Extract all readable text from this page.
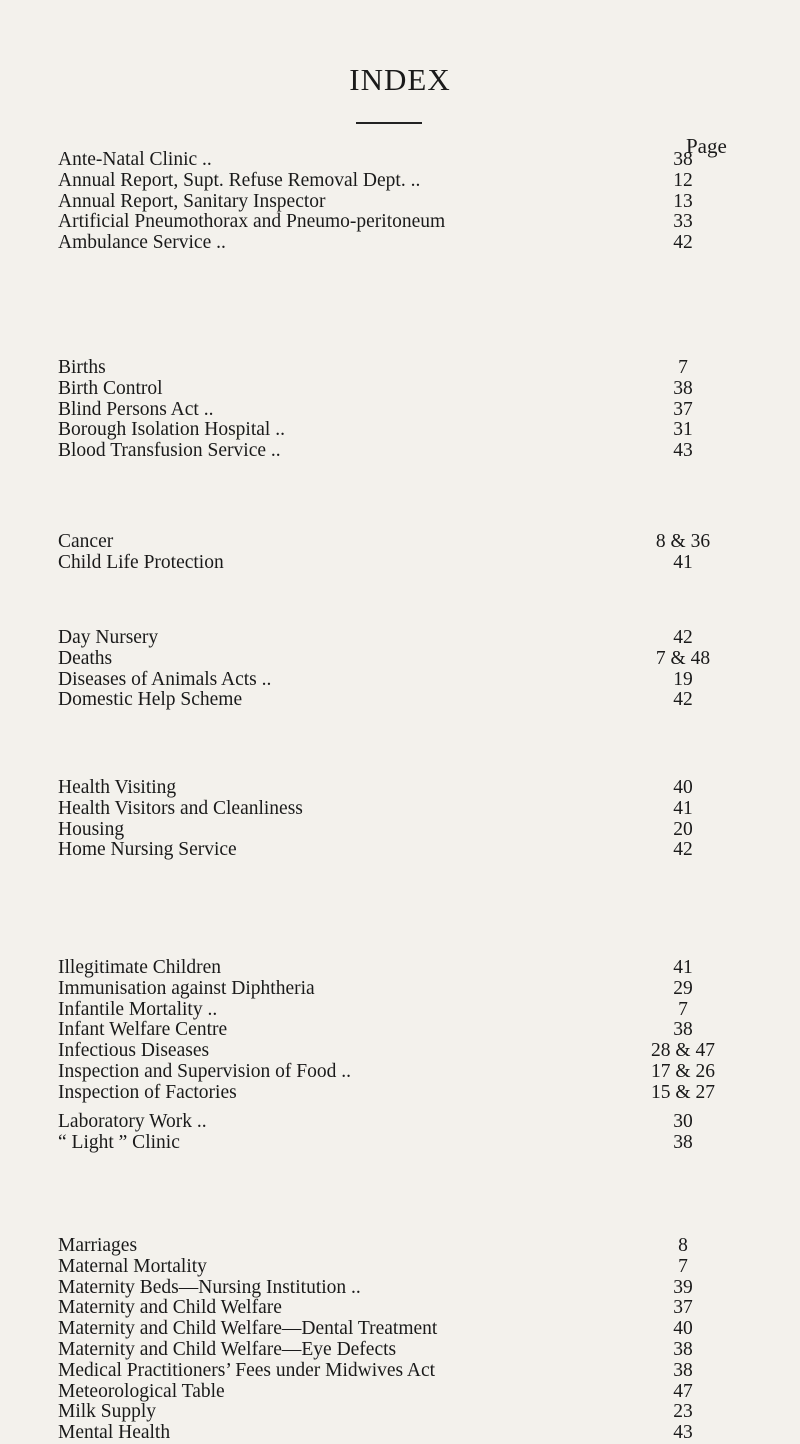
INDEX
Page
Ante-Natal Clinic ..	38
Annual Report, Supt. Refuse Removal Dept. ..	12
Annual Report, Sanitary Inspector	13
Artificial Pneumothorax and Pneumo-peritoneum	33
Ambulance Service ..	42
Births	7
Birth Control	38
Blind Persons Act ..	37
Borough Isolation Hospital ..	31
Blood Transfusion Service ..	43
Cancer	8 & 36
Child Life Protection	41
Day Nursery	42
Deaths	7 & 48
Diseases of Animals Acts ..	19
Domestic Help Scheme	42
Health Visiting	40
Health Visitors and Cleanliness	41
Housing	20
Home Nursing Service	42
Illegitimate Children	41
Immunisation against Diphtheria	29
Infantile Mortality ..	7
Infant Welfare Centre	38
Infectious Diseases	28 & 47
Inspection and Supervision of Food ..	17 & 26
Inspection of Factories	15 & 27
Laboratory Work ..	30
“ Light ” Clinic	38
Marriages	8
Maternal Mortality	7
Maternity Beds—Nursing Institution ..	39
Maternity and Child Welfare	37
Maternity and Child Welfare—Dental Treatment	40
Maternity and Child Welfare—Eye Defects	38
Medical Practitioners’ Fees under Midwives Act	38
Meteorological Table	47
Milk Supply	23
Mental Health	43
